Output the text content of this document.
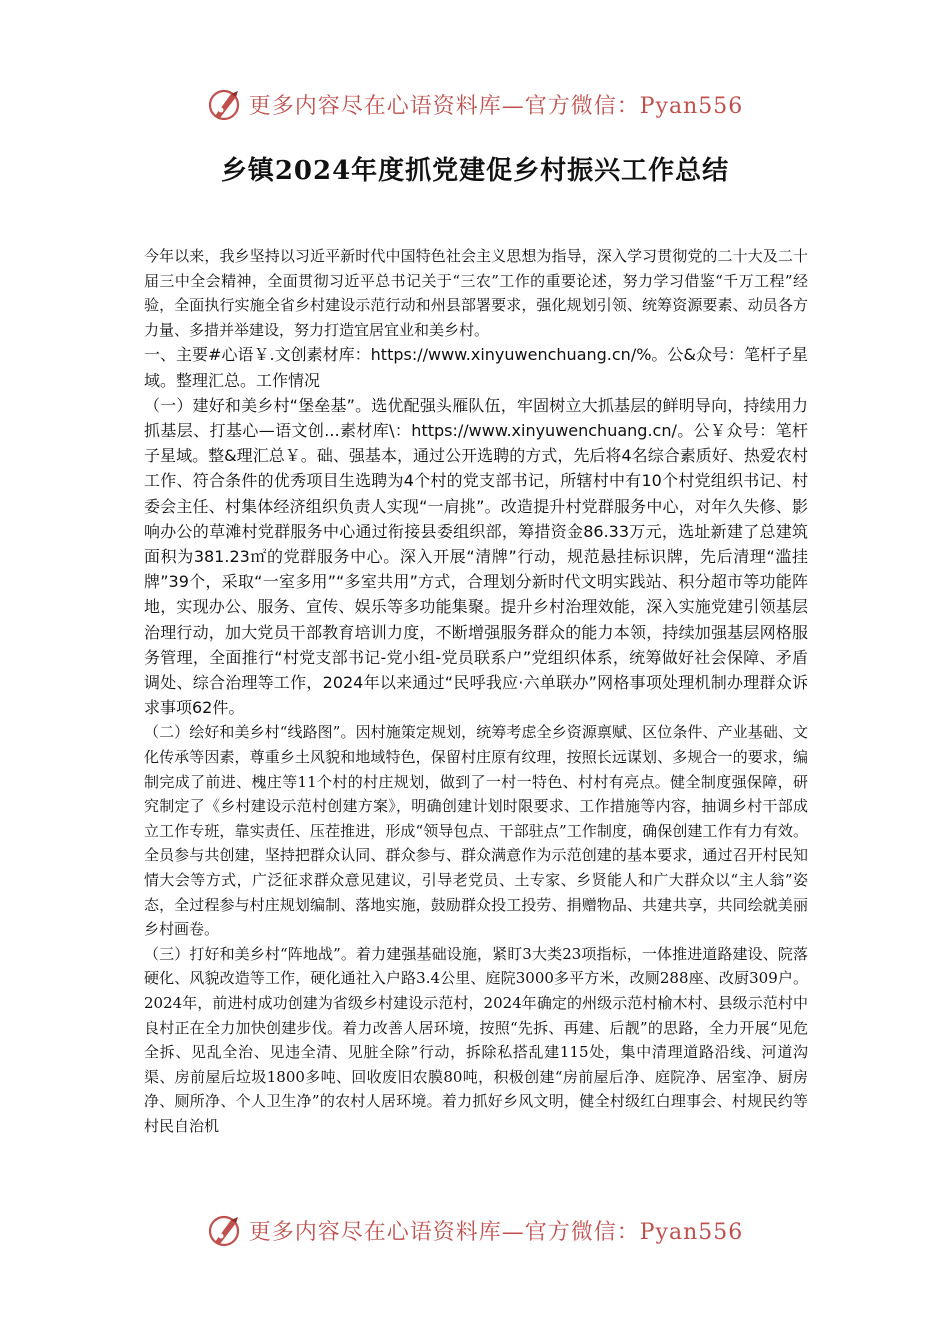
更多内容尽在心语资料库—官方微信：Pyan556
乡镇2024年度抓党建促乡村振兴工作总结

今年以来，我乡坚持以习近平新时代中国特色社会主义思想为指导，深入学习贯彻党的二十大及二十届三中全会精神，全面贯彻习近平总书记关于“三农”工作的重要论述，努力学习借鉴“千万工程”经验，全面执行实施全省乡村建设示范行动和州县部署要求，强化规划引领、统筹资源要素、动员各方力量、多措并举建设，努力打造宜居宜业和美乡村。

一、主要#心语￥.文创素材库：https://www.xinyuwenchuang.cn/%。公&众号：笔杆子星域。整理汇总。工作情况

（一）建好和美乡村“堡垒基”。选优配强头雁队伍，牢固树立大抓基层的鲜明导向，持续用力抓基层、打基心—语文创...素材库\：https://www.xinyuwenchuang.cn/。公￥众号：笔杆子星域。整&理汇总￥。础、强基本，通过公开选聘的方式，先后将4名综合素质好、热爱农村工作、符合条件的优秀项目生选聘为4个村的党支部书记，所辖村中有10个村党组织书记、村委会主任、村集体经济组织负责人实现“一肩挑”。改造提升村党群服务中心，对年久失修、影响办公的草滩村党群服务中心通过衔接县委组织部，筹措资金86.33万元，选址新建了总建筑面积为381.23㎡的党群服务中心。深入开展“清牌”行动，规范悬挂标识牌，先后清理“滥挂牌”39个，采取“一室多用”“多室共用”方式，合理划分新时代文明实践站、积分超市等功能阵地，实现办公、服务、宣传、娱乐等多功能集聚。提升乡村治理效能，深入实施党建引领基层治理行动，加大党员干部教育培训力度，不断增强服务群众的能力本领，持续加强基层网格服务管理，全面推行“村党支部书记-党小组-党员联系户”党组织体系，统筹做好社会保障、矛盾调处、综合治理等工作，2024年以来通过“民呼我应·六单联办”网格事项处理机制办理群众诉求事项62件。

（二）绘好和美乡村“线路图”。因村施策定规划，统筹考虑全乡资源禀赋、区位条件、产业基础、文化传承等因素，尊重乡土风貌和地域特色，保留村庄原有纹理，按照长远谋划、多规合一的要求，编制完成了前进、槐庄等11个村的村庄规划，做到了一村一特色、村村有亮点。健全制度强保障，研究制定了《乡村建设示范村创建方案》，明确创建计划时限要求、工作措施等内容，抽调乡村干部成立工作专班，靠实责任、压茬推进，形成“领导包点、干部驻点”工作制度，确保创建工作有力有效。全员参与共创建，坚持把群众认同、群众参与、群众满意作为示范创建的基本要求，通过召开村民知情大会等方式，广泛征求群众意见建议，引导老党员、土专家、乡贤能人和广大群众以“主人翁”姿态，全过程参与村庄规划编制、落地实施，鼓励群众投工投劳、捐赠物品、共建共享，共同绘就美丽乡村画卷。

（三）打好和美乡村“阵地战”。着力建强基础设施，紧盯3大类23项指标，一体推进道路建设、院落硬化、风貌改造等工作，硬化通社入户路3.4公里、庭院3000多平方米，改厕288座、改厨309户。2024年，前进村成功创建为省级乡村建设示范村，2024年确定的州级示范村榆木村、县级示范村中良村正在全力加快创建步伐。着力改善人居环境，按照“先拆、再建、后靓”的思路，全力开展“见危全拆、见乱全治、见违全清、见脏全除”行动，拆除私搭乱建115处，集中清理道路沿线、河道沟渠、房前屋后垃圾1800多吨、回收废旧农膜80吨，积极创建“房前屋后净、庭院净、居室净、厨房净、厕所净、个人卫生净”的农村人居环境。着力抓好乡风文明，健全村级红白理事会、村规民约等村民自治机

更多内容尽在心语资料库—官方微信：Pyan556
